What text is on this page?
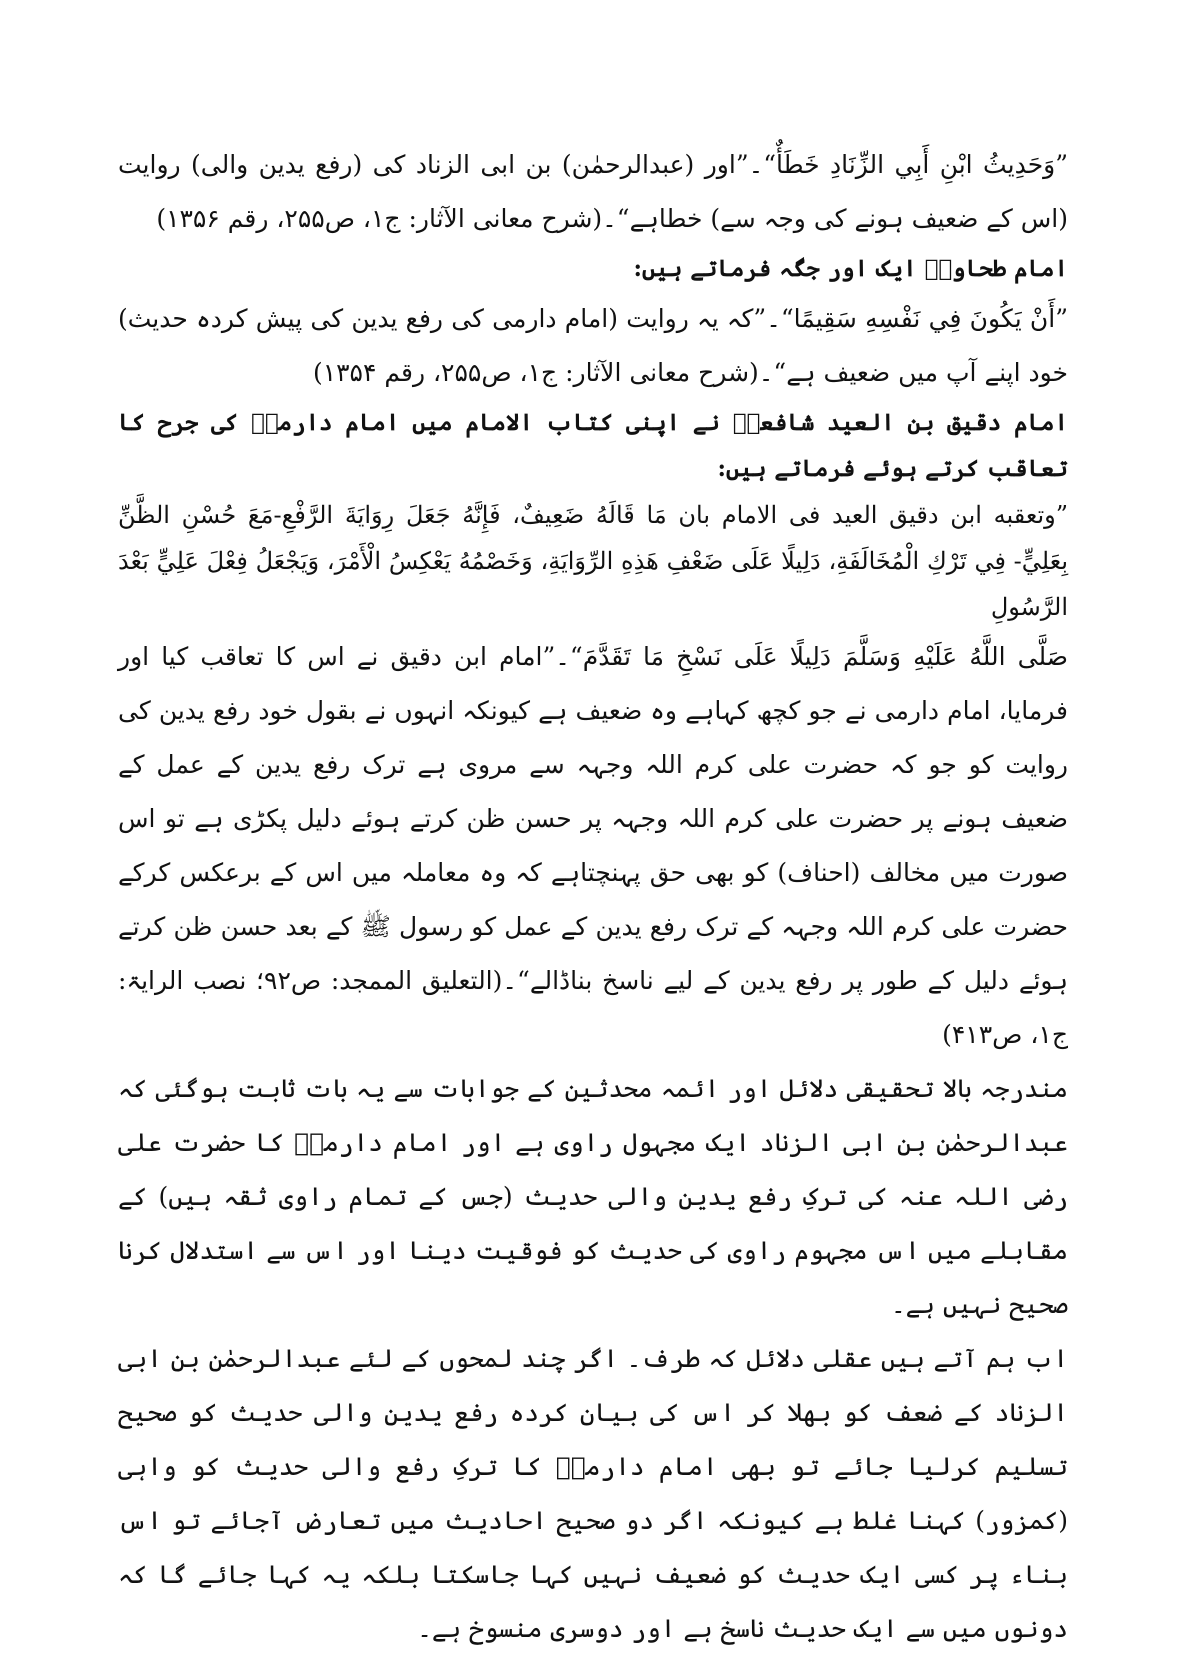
”وَحَدِيثُ ابْنِ أَبِي الزِّنَادِ خَطَأٌ“۔”اور (عبدالرحمٰن) بن ابی الزناد کی (رفع یدین والی) روایت (اس کے ضعیف ہونے کی وجہ سے) خطاہے“۔(شرح معانی الآثار: ج۱، ص۲۵۵، رقم ۱۳۵۶)

امام طحاویؒ ایک اور جگہ فرماتے ہیں:

”أَنْ يَكُونَ فِي نَفْسِهِ سَقِيمًا“۔”کہ یہ روایت (امام دارمی کی رفع یدین کی پیش کردہ حدیث) خود اپنے آپ میں ضعیف ہے“۔(شرح معانی الآثار: ج۱، ص۲۵۵، رقم ۱۳۵۴)

امام دقیق بن العید شافعیؒ نے اپنی کتاب الامام میں امام دارمیؒ کی جرح کا تعاقب کرتے ہوئے فرماتے ہیں:

”وتعقبه ابن دقيق العيد فى الامام بان مَا قَالَهُ ضَعِيفٌ، فَإِنَّهُ جَعَلَ رِوَايَةَ الرَّفْعِ-مَعَ حُسْنِ الظَّنِّ بِعَلِيٍّ- فِي تَرْكِ الْمُخَالَفَةِ، دَلِيلًا عَلَى ضَعْفِ هَذِهِ الرِّوَايَةِ، وَخَصْمُهُ يَعْكِسُ الْأَمْرَ، وَيَجْعَلُ فِعْلَ عَلِيٍّ بَعْدَ الرَّسُولِ

صَلَّى اللَّهُ عَلَيْهِ وَسَلَّمَ دَلِيلًا عَلَى نَسْخِ مَا تَقَدَّمَ“۔”امام ابن دقیق نے اس کا تعاقب کیا اور فرمایا، امام دارمی نے جو کچھ کہاہے وہ ضعیف ہے کیونکہ انہوں نے بقول خود رفع یدین کی روایت کو جو کہ حضرت علی کرم اللہ وجہہ سے مروی ہے ترک رفع یدین کے عمل کے ضعیف ہونے پر حضرت علی کرم اللہ وجہہ پر حسن ظن کرتے ہوئے دلیل پکڑی ہے تو اس صورت میں مخالف (احناف) کو بھی حق پہنچتاہے کہ وہ معاملہ میں اس کے برعکس کرکے حضرت علی کرم اللہ وجہہ کے ترک رفع یدین کے عمل کو رسول ﷺ کے بعد حسن ظن کرتے ہوئے دلیل کے طور پر رفع یدین کے لیے ناسخ بناڈالے“۔(التعلیق الممجد: ص۹۲؛ نصب الرایۃ: ج۱، ص۴۱۳)

مندرجہ بالا تحقیقی دلائل اور ائمہ محدثین کے جوابات سے یہ بات ثابت ہوگئی کہ عبدالرحمٰن بن ابی الزناد ایک مجہول راوی ہے اور امام دارمیؒ کا حضرت علی رضی اللہ عنہ کی ترکِ رفع یدین والی حدیث (جس کے تمام راوی ثقہ ہیں) کے مقابلے میں اس مجہوم راوی کی حدیث کو فوقیت دینا اور اس سے استدلال کرنا صحیح نہیں ہے۔

اب ہم آتے ہیں عقلی دلائل کہ طرف۔ اگر چند لمحوں کے لئے عبدالرحمٰن بن ابی الزناد کے ضعف کو بھلا کر اس کی بیان کردہ رفع یدین والی حدیث کو صحیح تسلیم کرلیا جائے تو بھی امام دارمیؒ کا ترکِ رفع والی حدیث کو واہی (کمزور) کہنا غلط ہے کیونکہ اگر دو صحیح احادیث میں تعارض آجائے تو اس بناء پر کسی ایک حدیث کو ضعیف نہیں کہا جاسکتا بلکہ یہ کہا جائے گا کہ دونوں میں سے ایک حدیث ناسخ ہے اور دوسری منسوخ ہے۔
